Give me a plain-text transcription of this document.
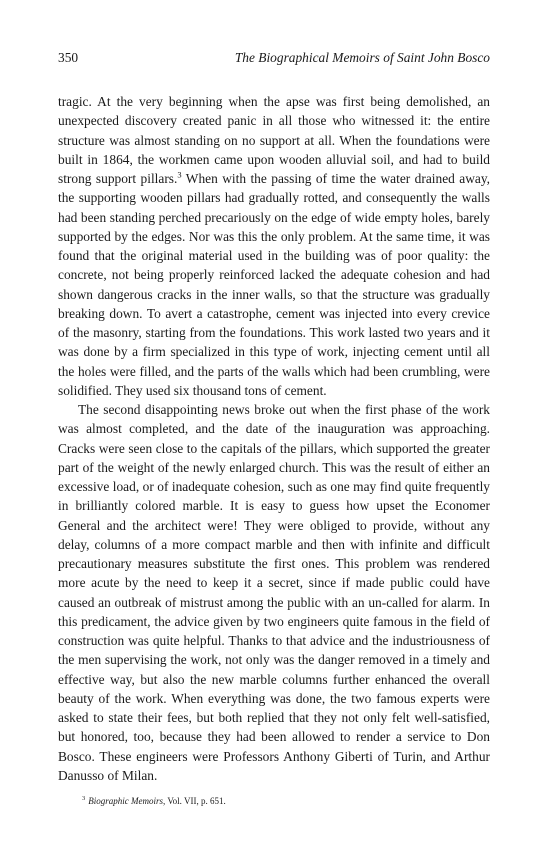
350	The Biographical Memoirs of Saint John Bosco

tragic. At the very beginning when the apse was first being demolished, an unexpected discovery created panic in all those who witnessed it: the entire structure was almost standing on no support at all. When the foundations were built in 1864, the workmen came upon wooden alluvial soil, and had to build strong support pillars.$^3$ When with the passing of time the water drained away, the supporting wooden pillars had gradually rotted, and consequently the walls had been standing perched precariously on the edge of wide empty holes, barely supported by the edges. Nor was this the only problem. At the same time, it was found that the original material used in the building was of poor quality: the concrete, not being properly reinforced lacked the adequate cohesion and had shown dangerous cracks in the inner walls, so that the structure was gradually breaking down. To avert a catastrophe, cement was injected into every crevice of the masonry, starting from the foundations. This work lasted two years and it was done by a firm specialized in this type of work, injecting cement until all the holes were filled, and the parts of the walls which had been crumbling, were solidified. They used six thousand tons of cement.

The second disappointing news broke out when the first phase of the work was almost completed, and the date of the inauguration was approaching. Cracks were seen close to the capitals of the pillars, which supported the greater part of the weight of the newly enlarged church. This was the result of either an excessive load, or of inadequate cohesion, such as one may find quite frequently in brilliantly colored marble. It is easy to guess how upset the Economer General and the architect were! They were obliged to provide, without any delay, columns of a more compact marble and then with infinite and difficult precautionary measures substitute the first ones. This problem was rendered more acute by the need to keep it a secret, since if made public could have caused an outbreak of mistrust among the public with an un-called for alarm. In this predicament, the advice given by two engineers quite famous in the field of construction was quite helpful. Thanks to that advice and the industriousness of the men supervising the work, not only was the danger removed in a timely and effective way, but also the new marble columns further enhanced the overall beauty of the work. When everything was done, the two famous experts were asked to state their fees, but both replied that they not only felt well-satisfied, but honored, too, because they had been allowed to render a service to Don Bosco. These engineers were Professors Anthony Giberti of Turin, and Arthur Danusso of Milan.

$^3$ Biographic Memoirs, Vol. VII, p. 651.
